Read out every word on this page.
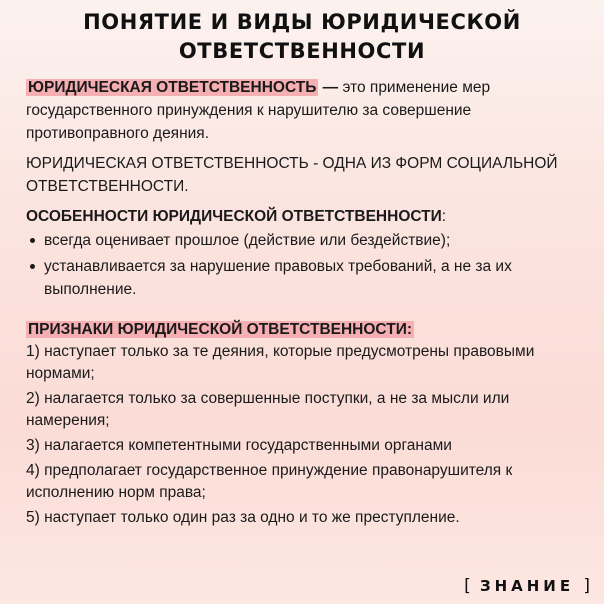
ПОНЯТИЕ И ВИДЫ ЮРИДИЧЕСКОЙ
ОТВЕТСТВЕННОСТИ
ЮРИДИЧЕСКАЯ ОТВЕТСТВЕННОСТЬ — это применение мер государственного принуждения к нарушителю за совершение противоправного деяния.
ЮРИДИЧЕСКАЯ ОТВЕТСТВЕННОСТЬ - ОДНА ИЗ ФОРМ СОЦИАЛЬНОЙ ОТВЕТСТВЕННОСТИ.
ОСОБЕННОСТИ ЮРИДИЧЕСКОЙ ОТВЕТСТВЕННОСТИ:
всегда оценивает прошлое (действие или бездействие);
устанавливается за нарушение правовых требований, а не за их выполнение.
ПРИЗНАКИ ЮРИДИЧЕСКОЙ ОТВЕТСТВЕННОСТИ:
1) наступает только за те деяния, которые предусмотрены правовыми нормами;
2) налагается только за совершенные поступки, а не за мысли или намерения;
3) налагается компетентными государственными органами
4) предполагает государственное принуждение правонарушителя к исполнению норм права;
5) наступает только один раз за одно и то же преступление.
[ ЗНАНИЕ ]
